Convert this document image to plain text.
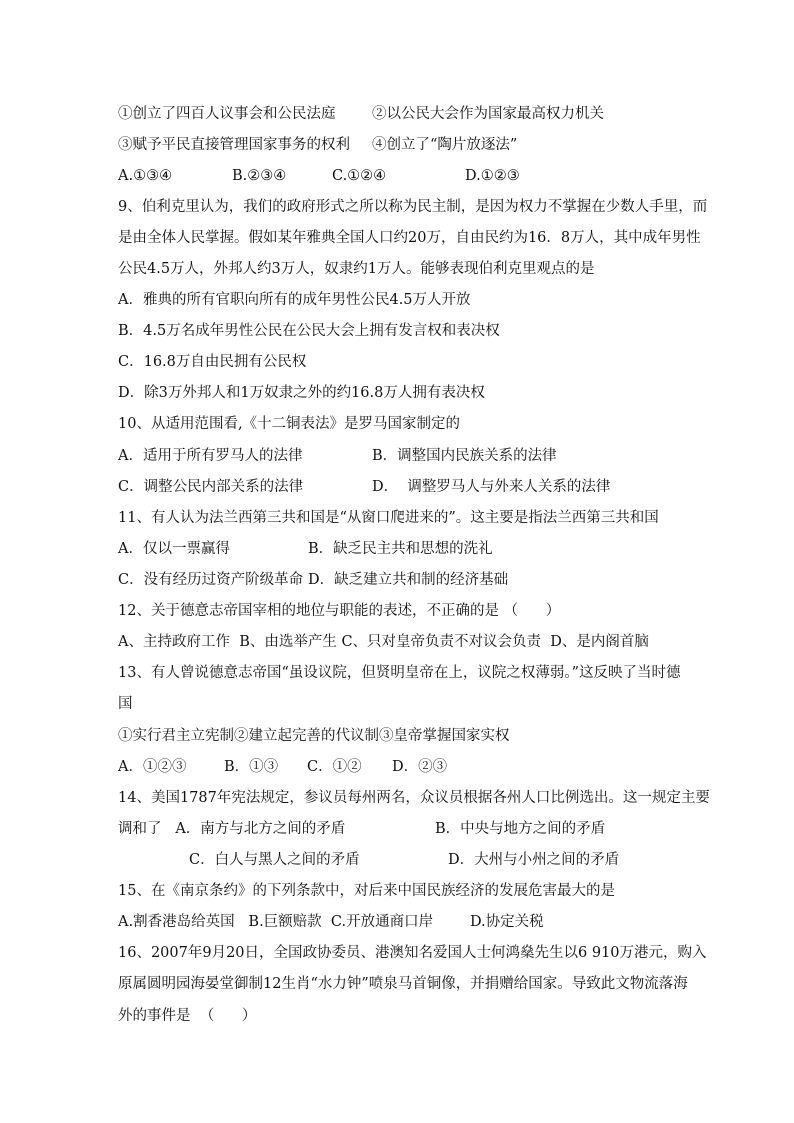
①创立了四百人议事会和公民法庭	②以公民大会作为国家最高权力机关
③赋予平民直接管理国家事务的权利 ④创立了“陶片放逐法”
A.①③④	B.②③④	C.①②④	D.①②③
9、伯利克里认为，我们的政府形式之所以称为民主制，是因为权力不掌握在少数人手里，而
是由全体人民掌握。假如某年雅典全国人口约20万，自由民约为16．8万人，其中成年男性
公民4.5万人，外邦人约3万人，奴隶约1万人。能够表现伯利克里观点的是
A．雅典的所有官职向所有的成年男性公民4.5万人开放
B．4.5万名成年男性公民在公民大会上拥有发言权和表决权
C．16.8万自由民拥有公民权
D．除3万外邦人和1万奴隶之外的约16.8万人拥有表决权
10、从适用范围看,《十二铜表法》是罗马国家制定的
A．适用于所有罗马人的法律	B．调整国内民族关系的法律
C．调整公民内部关系的法律	D．  调整罗马人与外来人关系的法律
11、有人认为法兰西第三共和国是“从窗口爬进来的”。这主要是指法兰西第三共和国
A．仅以一票赢得	B．缺乏民主共和思想的洗礼
C．没有经历过资产阶级革命 D．缺乏建立共和制的经济基础
12、关于德意志帝国宰相的地位与职能的表述，不正确的是 （      ）
A、主持政府工作  B、由选举产生 C、只对皇帝负责不对议会负责  D、是内阁首脑
13、有人曾说德意志帝国“虽设议院，但贤明皇帝在上，议院之权薄弱。”这反映了当时德
国
①实行君主立宪制②建立起完善的代议制③皇帝掌握国家实权
A．①②③	B．①③ C．①② D．②③
14、美国1787年宪法规定，参议员每州两名，众议员根据各州人口比例选出。这一规定主要
调和了   A．南方与北方之间的矛盾	B．中央与地方之间的矛盾
C．白人与黑人之间的矛盾	D．大州与小州之间的矛盾
15、在《南京条约》的下列条款中，对后来中国民族经济的发展危害最大的是
A.割香港岛给英国   B.巨额赔款  C.开放通商口岸        D.协定关税
16、2007年9月20日，全国政协委员、港澳知名爱国人士何鸿燊先生以6 910万港元，购入
原属圆明园海晏堂御制12生肖“水力钟”喷泉马首铜像，并捐赠给国家。导致此文物流落海
外的事件是  （      ）
